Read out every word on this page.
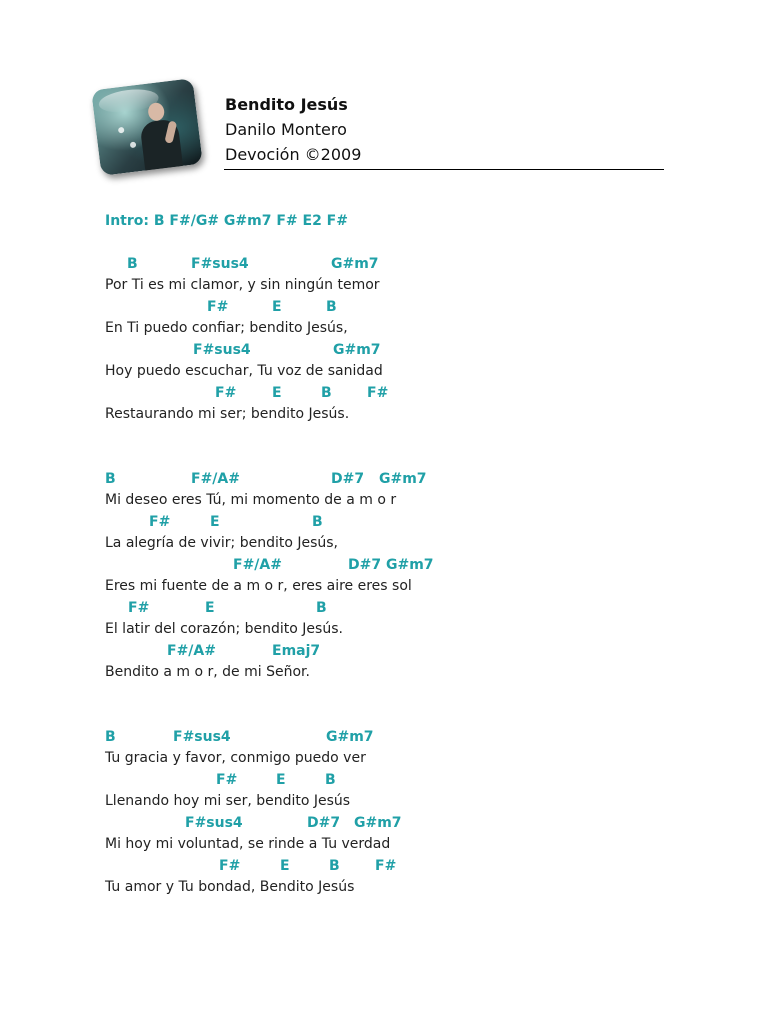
Bendito Jesús
Danilo Montero
Devoción ©2009
Intro: B F#/G# G#m7 F# E2 F#
B	F#sus4	G#m7
Por Ti es mi clamor, y sin ningún temor
F#	E	B
En Ti puedo confiar; bendito Jesús,
F#sus4	G#m7
Hoy puedo escuchar, Tu voz de sanidad
F#	E	B	F#
Restaurando mi ser; bendito Jesús.
B	F#/A#	D#7 G#m7
Mi deseo eres Tú, mi momento de a m o r
F#	E	B
La alegría de vivir; bendito Jesús,
F#/A#	D#7 G#m7
Eres mi fuente de a m o r, eres aire eres sol
F#	E	B
El latir del corazón; bendito Jesús.
F#/A#	Emaj7
Bendito a m o r, de mi Señor.
B	F#sus4	G#m7
Tu gracia y favor, conmigo puedo ver
F#	E	B
Llenando hoy mi ser, bendito Jesús
F#sus4	D#7 G#m7
Mi hoy mi voluntad, se rinde a Tu verdad
F#	E	B	F#
Tu amor y Tu bondad, Bendito Jesús
